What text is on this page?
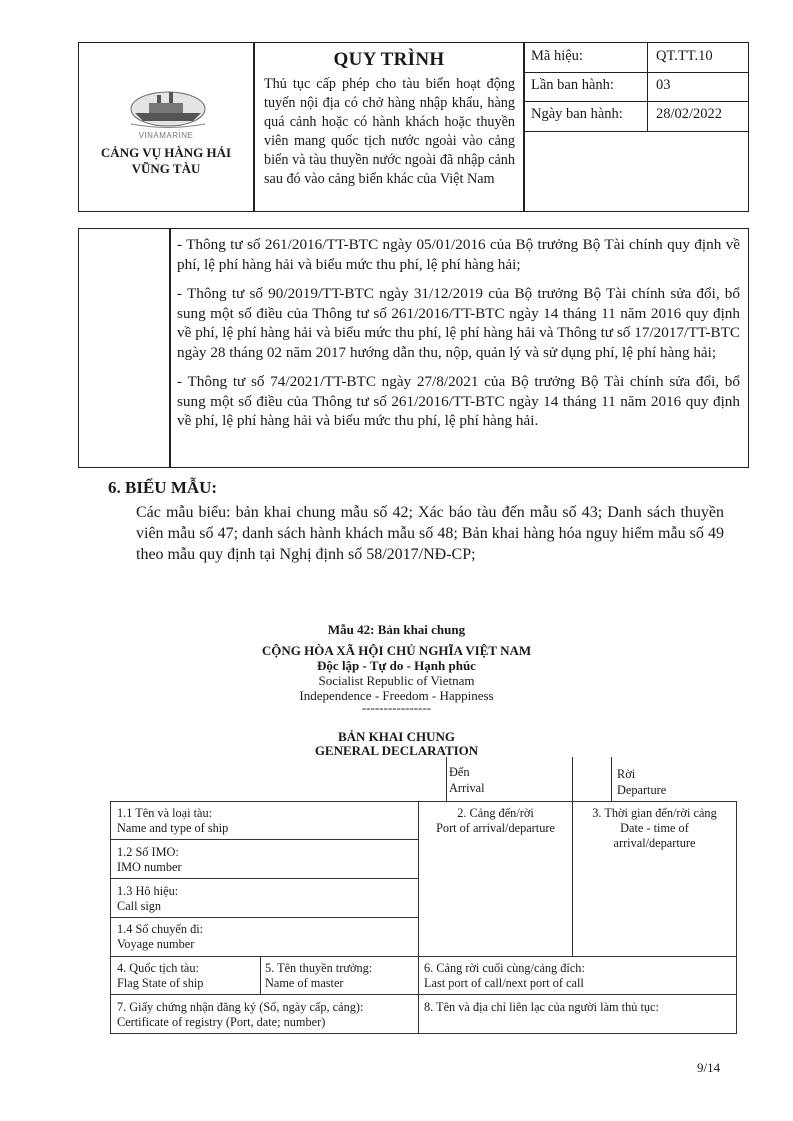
VINAMARINE
CẢNG VỤ HÀNG HẢI
VŨNG TÀU
QUY TRÌNH
Thủ tục cấp phép cho tàu biển hoạt động tuyến nội địa có chở hàng nhập khẩu, hàng quá cảnh hoặc có hành khách hoặc thuyền viên mang quốc tịch nước ngoài vào cảng biển và tàu thuyền nước ngoài đã nhập cảnh sau đó vào cảng biển khác của Việt Nam
Mã hiệu:	QT.TT.10
Lần ban hành:	03
Ngày ban hành: 28/02/2022

- Thông tư số 261/2016/TT-BTC ngày 05/01/2016 của Bộ trưởng Bộ Tài chính quy định về phí, lệ phí hàng hải và biểu mức thu phí, lệ phí hàng hải;

- Thông tư số 90/2019/TT-BTC ngày 31/12/2019 của Bộ trưởng Bộ Tài chính sửa đổi, bổ sung một số điều của Thông tư số 261/2016/TT-BTC ngày 14 tháng 11 năm 2016 quy định về phí, lệ phí hàng hải và biểu mức thu phí, lệ phí hàng hải và Thông tư số 17/2017/TT-BTC ngày 28 tháng 02 năm 2017 hướng dẫn thu, nộp, quản lý và sử dụng phí, lệ phí hàng hải;

- Thông tư số 74/2021/TT-BTC ngày 27/8/2021 của Bộ trưởng Bộ Tài chính sửa đổi, bổ sung một số điều của Thông tư số 261/2016/TT-BTC ngày 14 tháng 11 năm 2016 quy định về phí, lệ phí hàng hải và biểu mức thu phí, lệ phí hàng hải.

6. BIỂU MẪU:
Các mẫu biểu: bản khai chung mẫu số 42; Xác báo tàu đến mẫu số 43; Danh sách thuyền viên mẫu số 47; danh sách hành khách mẫu số 48; Bản khai hàng hóa nguy hiểm mẫu số 49 theo mẫu quy định tại Nghị định số 58/2017/NĐ-CP;
Mẫu 42: Bản khai chung
CỘNG HÒA XÃ HỘI CHỦ NGHĨA VIỆT NAM
Độc lập - Tự do - Hạnh phúc
Socialist Republic of Vietnam
Independence - Freedom - Happiness
----------------
BẢN KHAI CHUNG
GENERAL DECLARATION
Đến
Arrival
Rời
Departure
1.1 Tên và loại tàu:
Name and type of ship
1.2 Số IMO:
IMO number
1.3 Hô hiệu:
Call sign
1.4 Số chuyến đi:
Voyage number
2. Cảng đến/rời
Port of arrival/departure
3. Thời gian đến/rời cảng
Date - time of
arrival/departure
4. Quốc tịch tàu:
Flag State of ship
5. Tên thuyền trưởng:
Name of master
6. Cảng rời cuối cùng/cảng đích:
Last port of call/next port of call
7. Giấy chứng nhận đăng ký (Số, ngày cấp, cảng):
Certificate of registry (Port, date; number)
8. Tên và địa chỉ liên lạc của người làm thủ tục:
9/14
